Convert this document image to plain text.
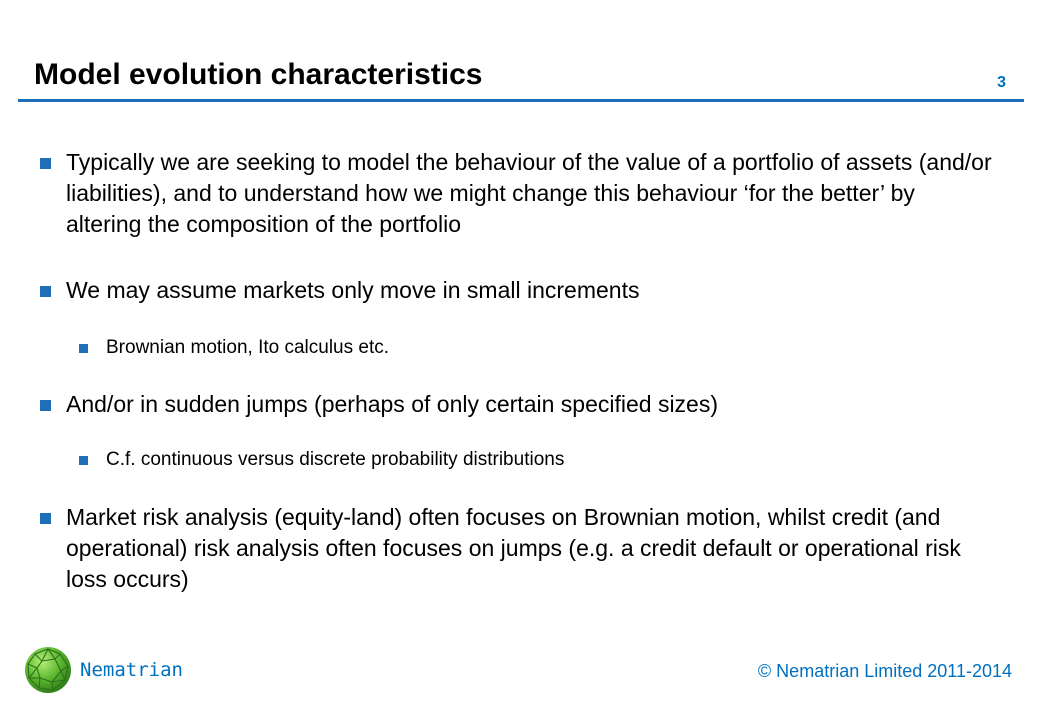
Model evolution characteristics	3
Typically we are seeking to model the behaviour of the value of a portfolio of assets (and/or liabilities), and to understand how we might change this behaviour ‘for the better’ by altering the composition of the portfolio
We may assume markets only move in small increments
Brownian motion, Ito calculus etc.
And/or in sudden jumps (perhaps of only certain specified sizes)
C.f. continuous versus discrete probability distributions
Market risk analysis (equity-land) often focuses on Brownian motion, whilst credit (and operational) risk analysis often focuses on jumps (e.g. a credit default or operational risk loss occurs)
Nematrian	© Nematrian Limited 2011-2014
